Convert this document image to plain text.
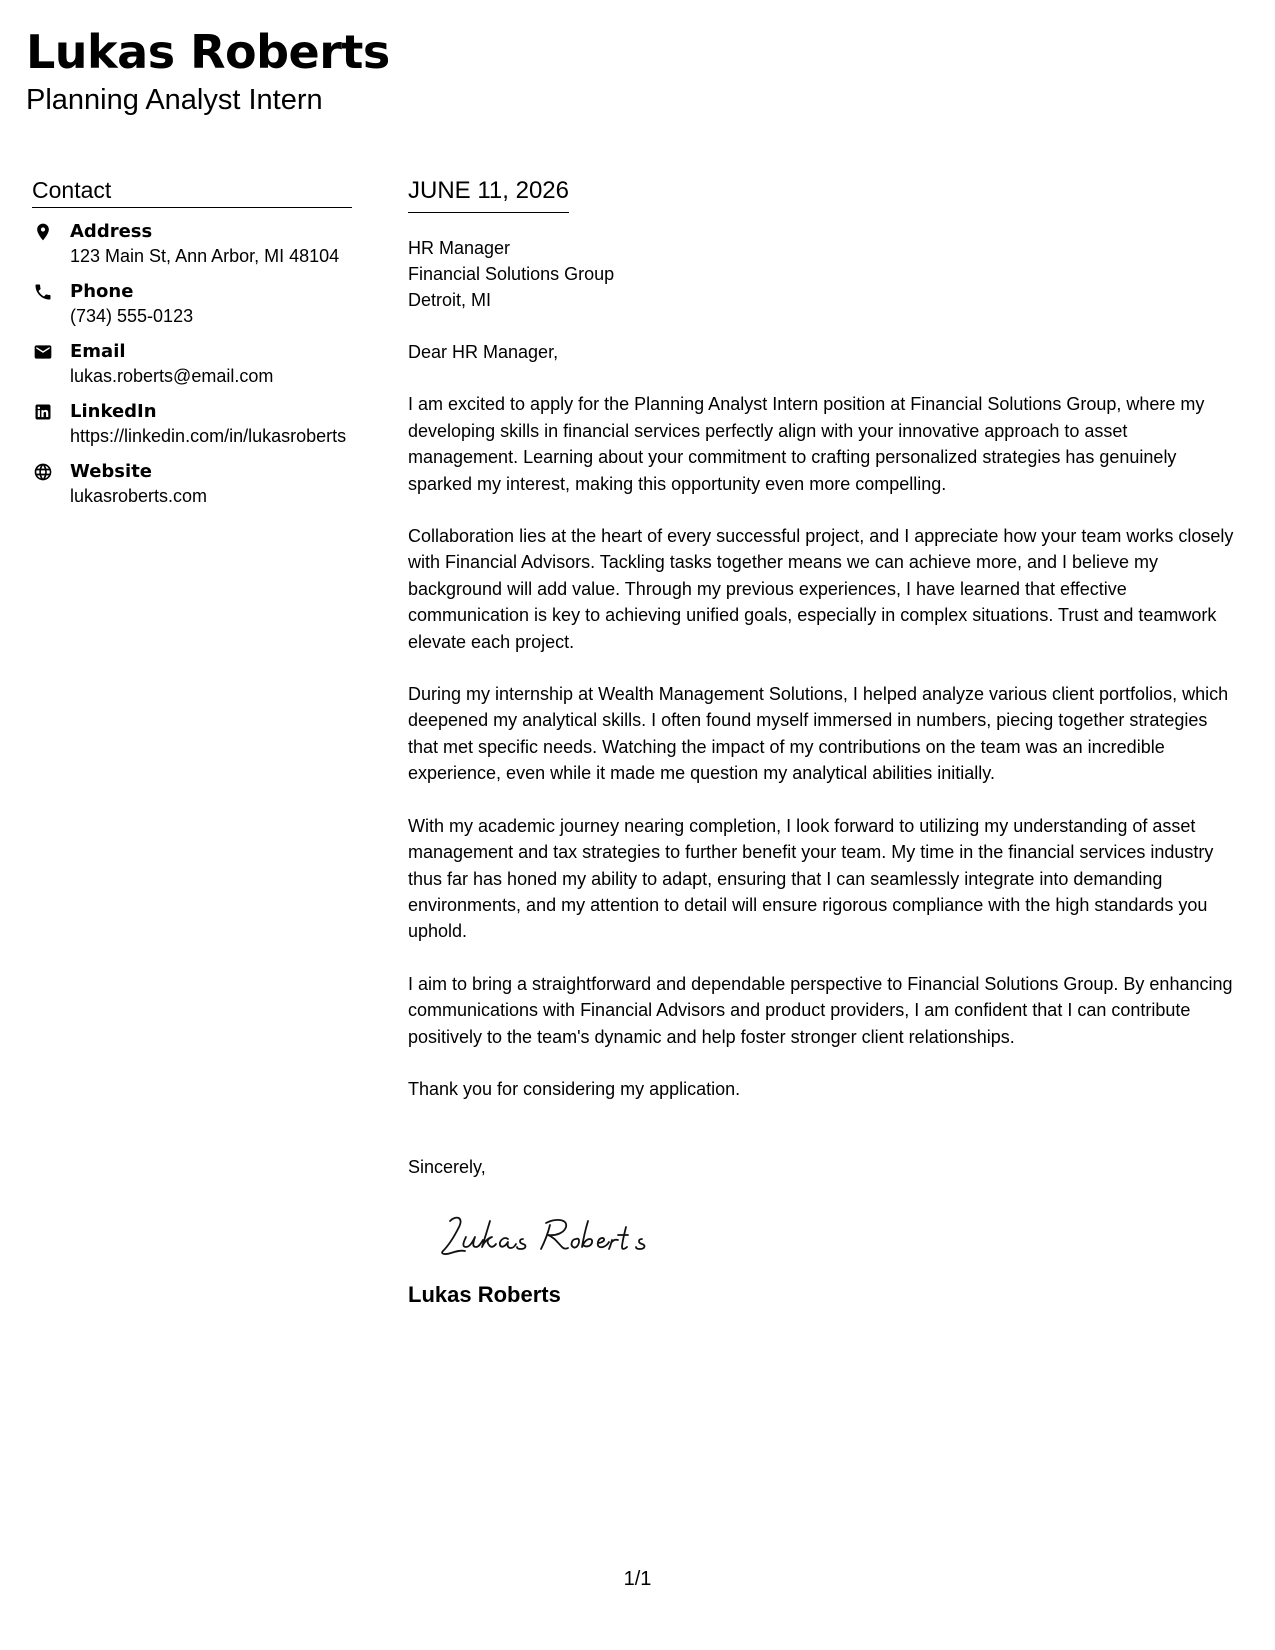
Lukas Roberts
Planning Analyst Intern
Contact
Address
123 Main St, Ann Arbor, MI 48104
Phone
(734) 555-0123
Email
lukas.roberts@email.com
LinkedIn
https://linkedin.com/in/lukasroberts
Website
lukasroberts.com
JUNE 11, 2026
HR Manager
Financial Solutions Group
Detroit, MI

Dear HR Manager,

I am excited to apply for the Planning Analyst Intern position at Financial Solutions Group, where my developing skills in financial services perfectly align with your innovative approach to asset management. Learning about your commitment to crafting personalized strategies has genuinely sparked my interest, making this opportunity even more compelling.

Collaboration lies at the heart of every successful project, and I appreciate how your team works closely with Financial Advisors. Tackling tasks together means we can achieve more, and I believe my background will add value. Through my previous experiences, I have learned that effective communication is key to achieving unified goals, especially in complex situations. Trust and teamwork elevate each project.

During my internship at Wealth Management Solutions, I helped analyze various client portfolios, which deepened my analytical skills. I often found myself immersed in numbers, piecing together strategies that met specific needs. Watching the impact of my contributions on the team was an incredible experience, even while it made me question my analytical abilities initially.

With my academic journey nearing completion, I look forward to utilizing my understanding of asset management and tax strategies to further benefit your team. My time in the financial services industry thus far has honed my ability to adapt, ensuring that I can seamlessly integrate into demanding environments, and my attention to detail will ensure rigorous compliance with the high standards you uphold.

I aim to bring a straightforward and dependable perspective to Financial Solutions Group. By enhancing communications with Financial Advisors and product providers, I am confident that I can contribute positively to the team's dynamic and help foster stronger client relationships.

Thank you for considering my application.

Sincerely,
Lukas Roberts
1/1
